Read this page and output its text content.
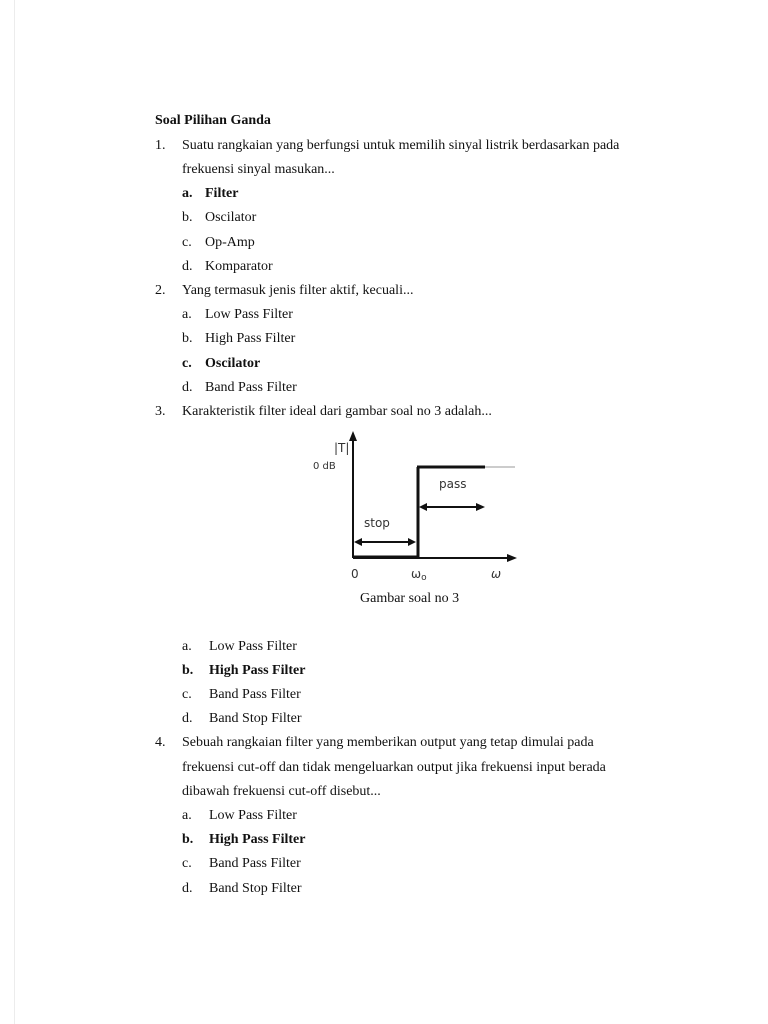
Soal Pilihan Ganda
1. Suatu rangkaian yang berfungsi untuk memilih sinyal listrik berdasarkan pada
frekuensi sinyal masukan...
a. Filter
b. Oscilator
c. Op-Amp
d. Komparator
2. Yang termasuk jenis filter aktif, kecuali...
a. Low Pass Filter
b. High Pass Filter
c. Oscilator
d. Band Pass Filter
3. Karakteristik filter ideal dari gambar soal no 3 adalah...
|T|
0 dB
pass
stop
0	ωo	ω
Gambar soal no 3
a. Low Pass Filter
b. High Pass Filter
c. Band Pass Filter
d. Band Stop Filter
4. Sebuah rangkaian filter yang memberikan output yang tetap dimulai pada
frekuensi cut-off dan tidak mengeluarkan output jika frekuensi input berada
dibawah frekuensi cut-off disebut...
a. Low Pass Filter
b. High Pass Filter
c. Band Pass Filter
d. Band Stop Filter
